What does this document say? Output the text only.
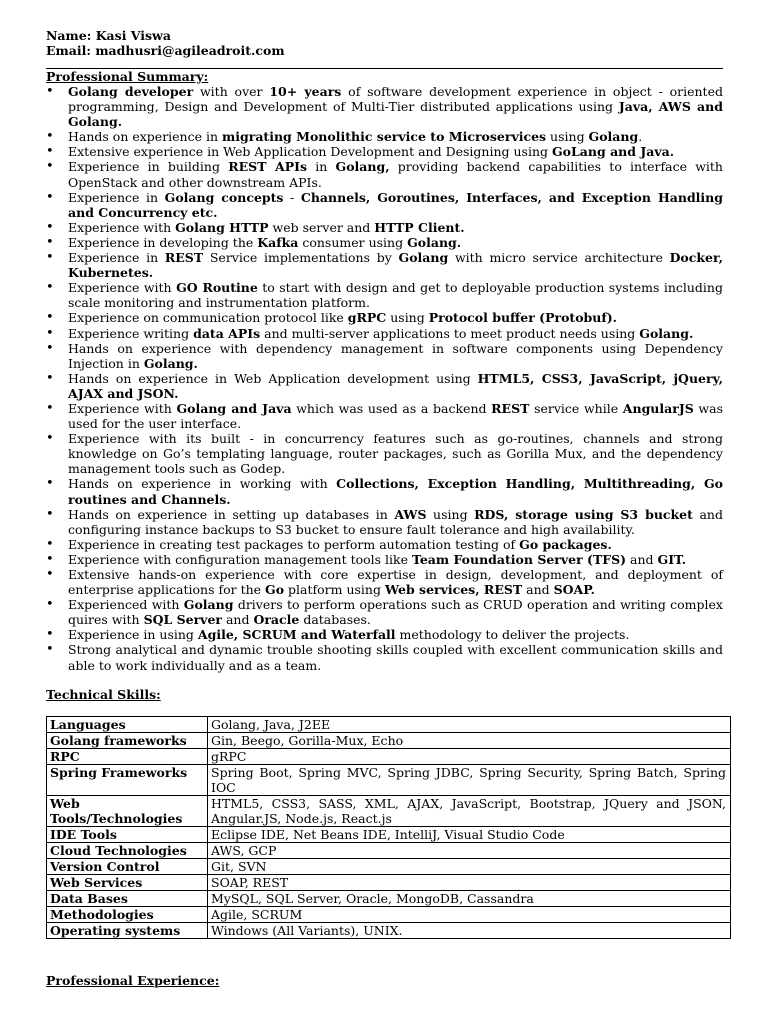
Name: Kasi Viswa
Email: madhusri@agileadroit.com
Professional Summary:
• Golang developer with over 10+ years of software development experience in object - oriented programming, Design and Development of Multi-Tier distributed applications using Java, AWS and Golang.
• Hands on experience in migrating Monolithic service to Microservices using Golang.
• Extensive experience in Web Application Development and Designing using GoLang and Java.
• Experience in building REST APIs in Golang, providing backend capabilities to interface with OpenStack and other downstream APIs.
• Experience in Golang concepts - Channels, Goroutines, Interfaces, and Exception Handling and Concurrency etc.
• Experience with Golang HTTP web server and HTTP Client.
• Experience in developing the Kafka consumer using Golang.
• Experience in REST Service implementations by Golang with micro service architecture Docker, Kubernetes.
• Experience with GO Routine to start with design and get to deployable production systems including scale monitoring and instrumentation platform.
• Experience on communication protocol like gRPC using Protocol buffer (Protobuf).
• Experience writing data APIs and multi-server applications to meet product needs using Golang.
• Hands on experience with dependency management in software components using Dependency Injection in Golang.
• Hands on experience in Web Application development using HTML5, CSS3, JavaScript, jQuery, AJAX and JSON.
• Experience with Golang and Java which was used as a backend REST service while AngularJS was used for the user interface.
• Experience with its built - in concurrency features such as go-routines, channels and strong knowledge on Go’s templating language, router packages, such as Gorilla Mux, and the dependency management tools such as Godep.
• Hands on experience in working with Collections, Exception Handling, Multithreading, Go routines and Channels.
• Hands on experience in setting up databases in AWS using RDS, storage using S3 bucket and configuring instance backups to S3 bucket to ensure fault tolerance and high availability.
• Experience in creating test packages to perform automation testing of Go packages.
• Experience with configuration management tools like Team Foundation Server (TFS) and GIT.
• Extensive hands-on experience with core expertise in design, development, and deployment of enterprise applications for the Go platform using Web services, REST and SOAP.
• Experienced with Golang drivers to perform operations such as CRUD operation and writing complex quires with SQL Server and Oracle databases.
• Experience in using Agile, SCRUM and Waterfall methodology to deliver the projects.
• Strong analytical and dynamic trouble shooting skills coupled with excellent communication skills and able to work individually and as a team.
Technical Skills:
Languages	Golang, Java, J2EE
Golang frameworks	Gin, Beego, Gorilla-Mux, Echo
RPC	gRPC
Spring Frameworks	Spring Boot, Spring MVC, Spring JDBC, Spring Security, Spring Batch, Spring IOC
Web Tools/Technologies	HTML5, CSS3, SASS, XML, AJAX, JavaScript, Bootstrap, JQuery and JSON, Angular.JS, Node.js, React.js
IDE Tools	Eclipse IDE, Net Beans IDE, IntelliJ, Visual Studio Code
Cloud Technologies	AWS, GCP
Version Control	Git, SVN
Web Services	SOAP, REST
Data Bases	MySQL, SQL Server, Oracle, MongoDB, Cassandra
Methodologies	Agile, SCRUM
Operating systems	Windows (All Variants), UNIX.
Professional Experience:
